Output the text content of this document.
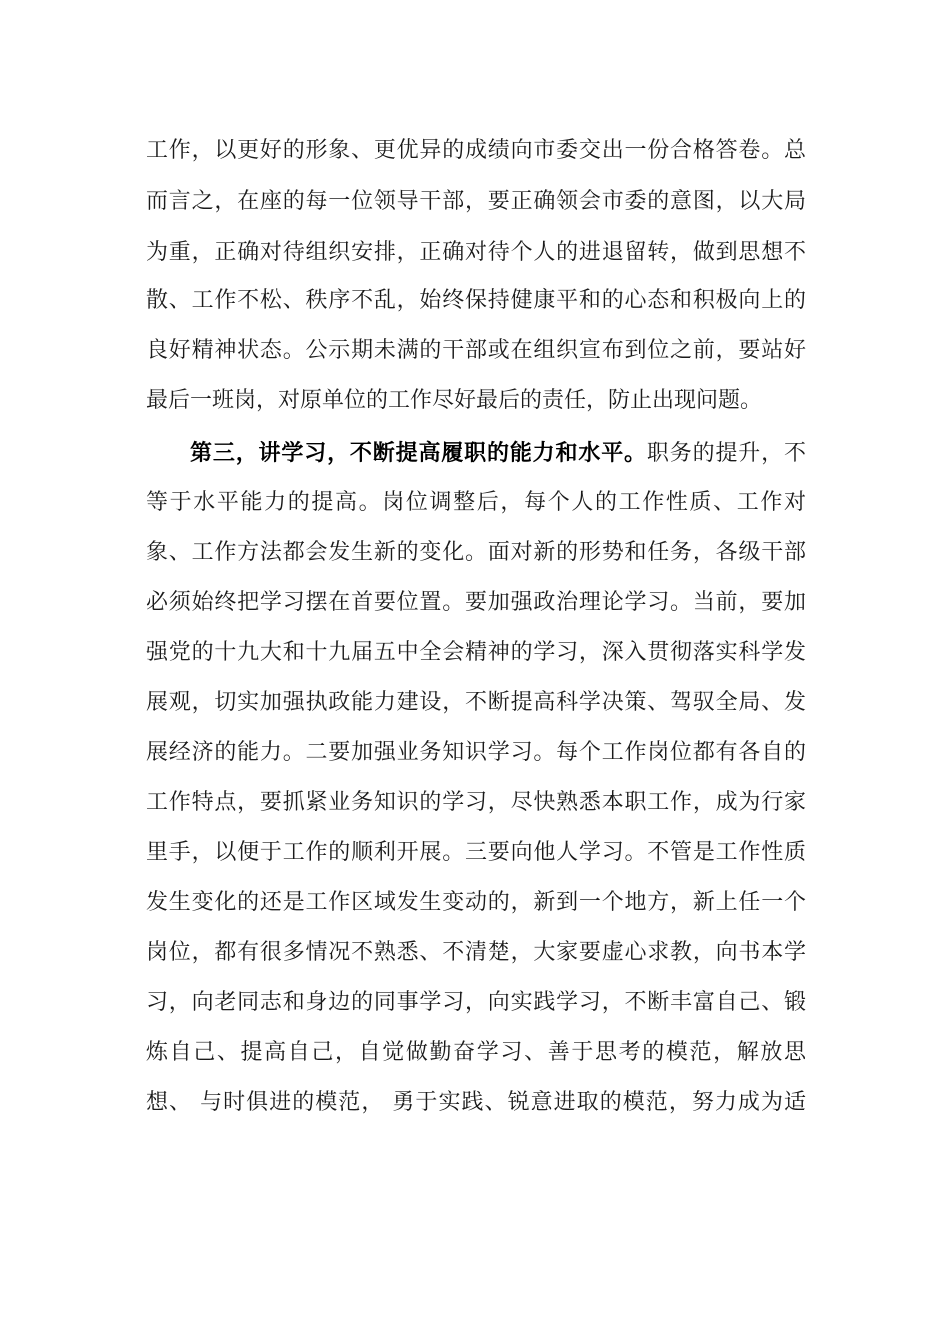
工作，以更好的形象、更优异的成绩向市委交出一份合格答卷。总
而言之，在座的每一位领导干部，要正确领会市委的意图，以大局
为重，正确对待组织安排，正确对待个人的进退留转，做到思想不
散、工作不松、秩序不乱，始终保持健康平和的心态和积极向上的
良好精神状态。公示期未满的干部或在组织宣布到位之前，要站好
最后一班岗，对原单位的工作尽好最后的责任，防止出现问题。
第三，讲学习，不断提高履职的能力和水平。职务的提升，不
等于水平能力的提高。岗位调整后，每个人的工作性质、工作对
象、工作方法都会发生新的变化。面对新的形势和任务，各级干部
必须始终把学习摆在首要位置。要加强政治理论学习。当前，要加
强党的十九大和十九届五中全会精神的学习，深入贯彻落实科学发
展观，切实加强执政能力建设，不断提高科学决策、驾驭全局、发
展经济的能力。二要加强业务知识学习。每个工作岗位都有各自的
工作特点，要抓紧业务知识的学习，尽快熟悉本职工作，成为行家
里手，以便于工作的顺利开展。三要向他人学习。不管是工作性质
发生变化的还是工作区域发生变动的，新到一个地方，新上任一个
岗位，都有很多情况不熟悉、不清楚，大家要虚心求教，向书本学
习，向老同志和身边的同事学习，向实践学习，不断丰富自己、锻
炼自己、提高自己，自觉做勤奋学习、善于思考的模范，解放思
想、 与时俱进的模范， 勇于实践、锐意进取的模范，努力成为适
